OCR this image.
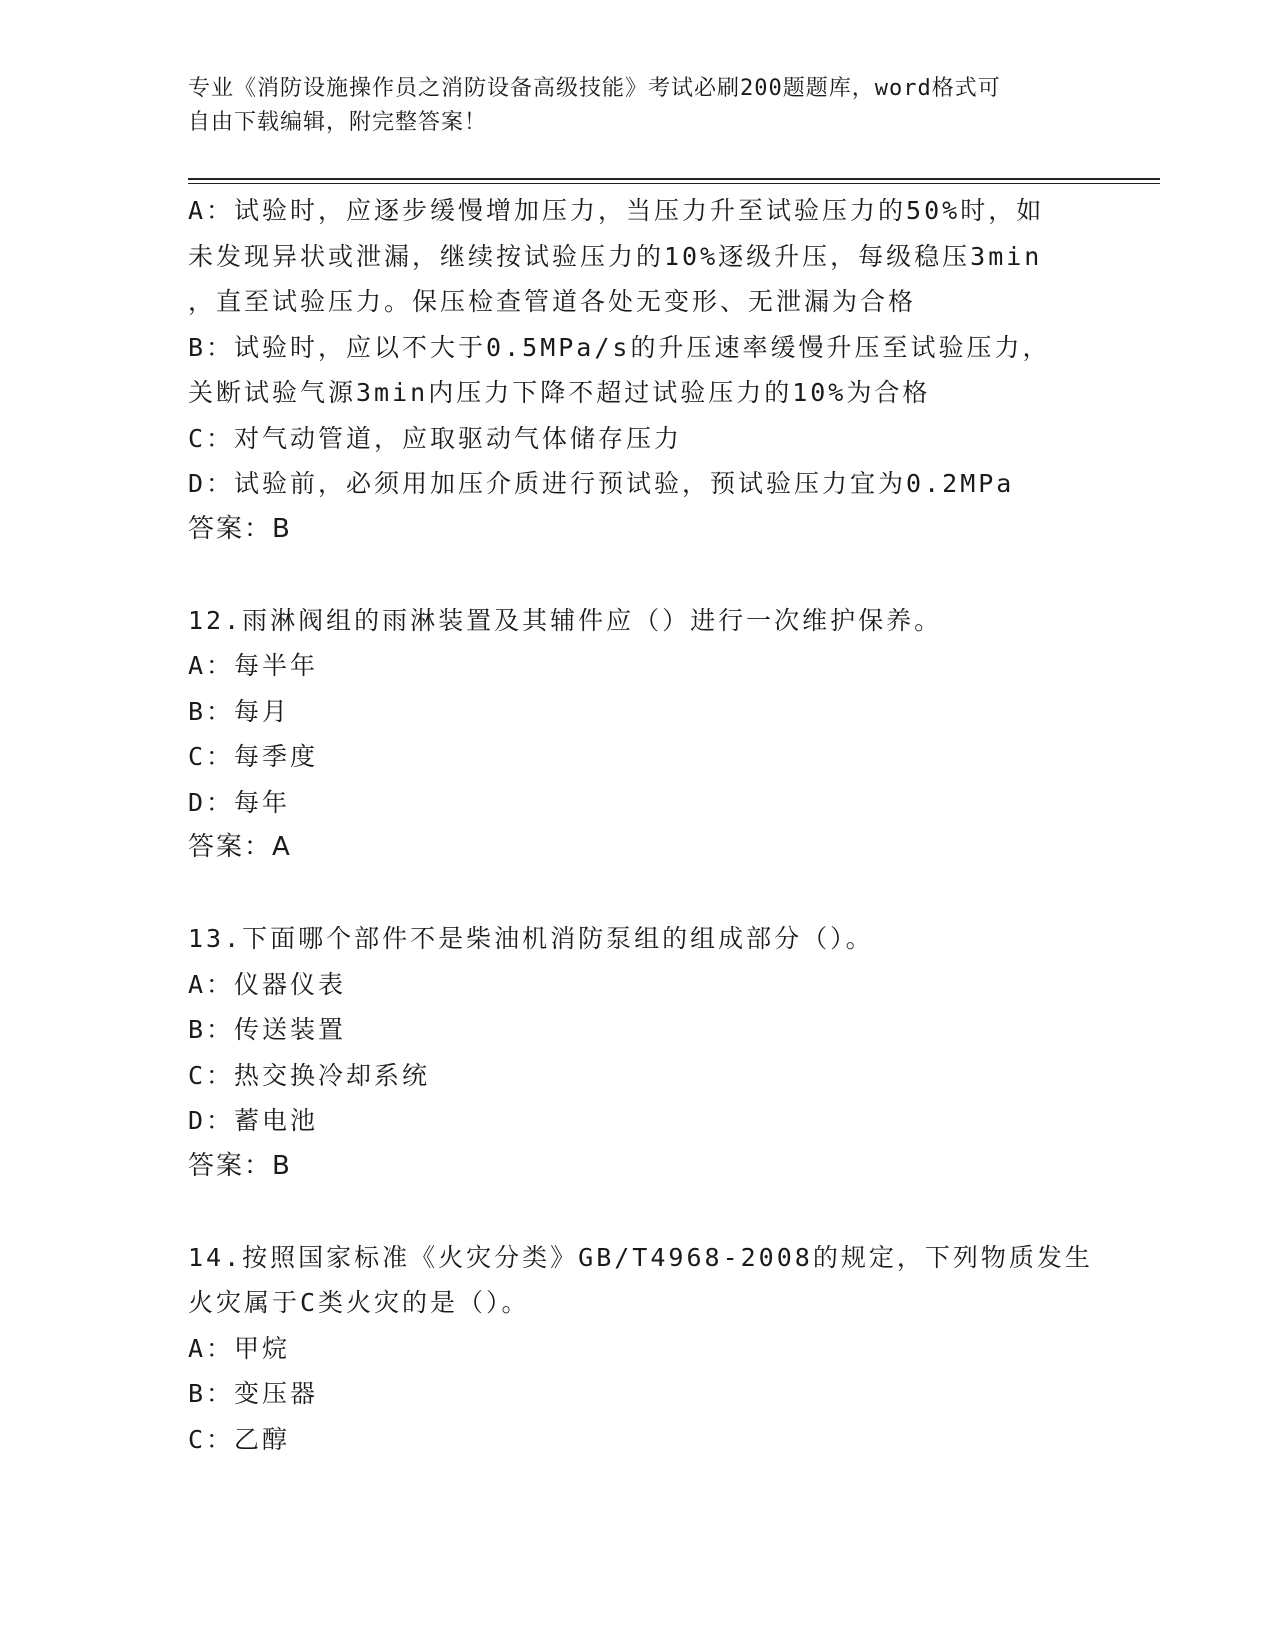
专业《消防设施操作员之消防设备高级技能》考试必刷200题题库，word格式可
自由下载编辑，附完整答案！
A：试验时，应逐步缓慢增加压力，当压力升至试验压力的50%时，如
未发现异状或泄漏，继续按试验压力的10%逐级升压，每级稳压3min
，直至试验压力。保压检查管道各处无变形、无泄漏为合格
B：试验时，应以不大于0.5MPa/s的升压速率缓慢升压至试验压力，
关断试验气源3min内压力下降不超过试验压力的10%为合格
C：对气动管道，应取驱动气体储存压力
D：试验前，必须用加压介质进行预试验，预试验压力宜为0.2MPa
答案：B
12.雨淋阀组的雨淋装置及其辅件应（）进行一次维护保养。
A：每半年
B：每月
C：每季度
D：每年
答案：A
13.下面哪个部件不是柴油机消防泵组的组成部分（）。
A：仪器仪表
B：传送装置
C：热交换冷却系统
D：蓄电池
答案：B
14.按照国家标准《火灾分类》GB/T4968-2008的规定，下列物质发生
火灾属于C类火灾的是（）。
A：甲烷
B：变压器
C：乙醇
